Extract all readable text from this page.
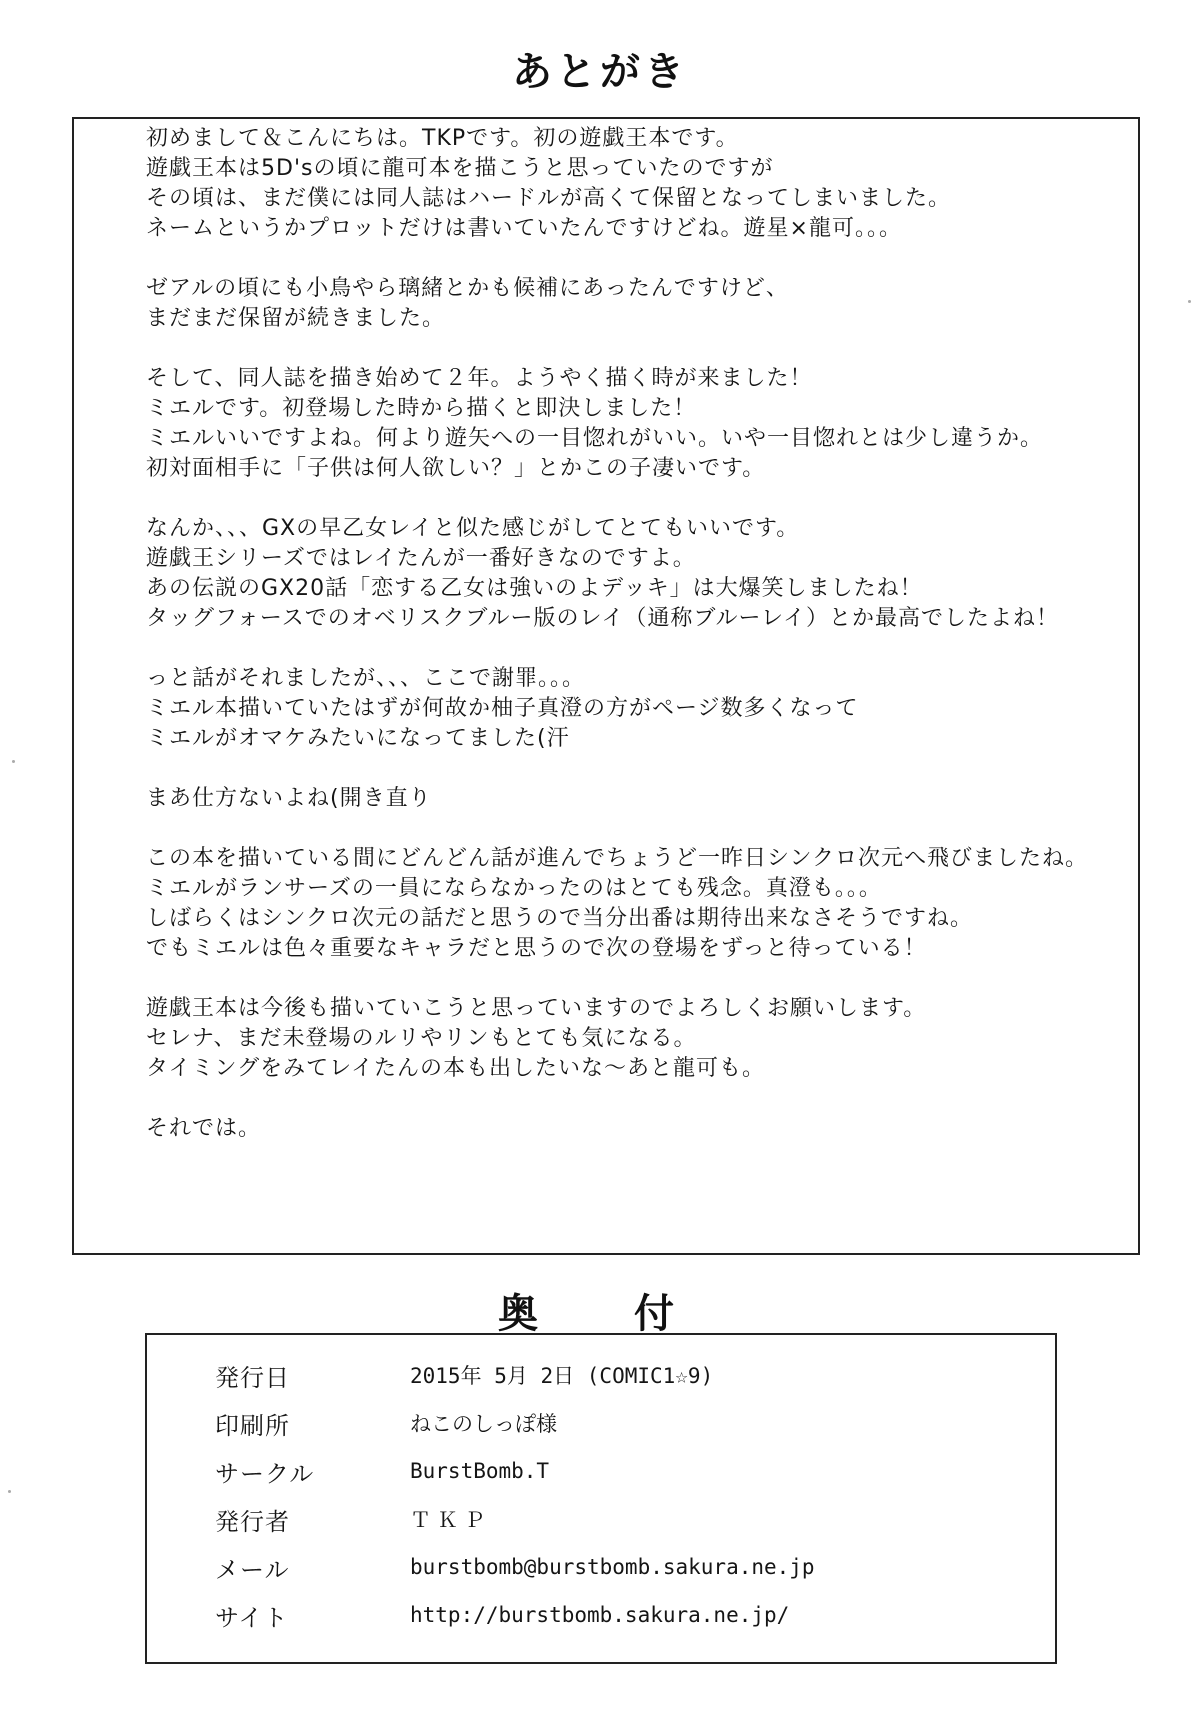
あとがき
初めまして＆こんにちは。TKPです。初の遊戯王本です。
遊戯王本は5D'sの頃に龍可本を描こうと思っていたのですが
その頃は、まだ僕には同人誌はハードルが高くて保留となってしまいました。
ネームというかプロットだけは書いていたんですけどね。遊星×龍可。。。
ゼアルの頃にも小鳥やら璃緒とかも候補にあったんですけど、
まだまだ保留が続きました。
そして、同人誌を描き始めて２年。ようやく描く時が来ました！
ミエルです。初登場した時から描くと即決しました！
ミエルいいですよね。何より遊矢への一目惚れがいい。いや一目惚れとは少し違うか。
初対面相手に「子供は何人欲しい？」とかこの子凄いです。
なんか、、、GXの早乙女レイと似た感じがしてとてもいいです。
遊戯王シリーズではレイたんが一番好きなのですよ。
あの伝説のGX20話「恋する乙女は強いのよデッキ」は大爆笑しましたね！
タッグフォースでのオベリスクブルー版のレイ（通称ブルーレイ）とか最高でしたよね！
っと話がそれましたが、、、ここで謝罪。。。
ミエル本描いていたはずが何故か柚子真澄の方がページ数多くなって
ミエルがオマケみたいになってました(汗
まあ仕方ないよね(開き直り
この本を描いている間にどんどん話が進んでちょうど一昨日シンクロ次元へ飛びましたね。
ミエルがランサーズの一員にならなかったのはとても残念。真澄も。。。
しばらくはシンクロ次元の話だと思うので当分出番は期待出来なさそうですね。
でもミエルは色々重要なキャラだと思うので次の登場をずっと待っている！
遊戯王本は今後も描いていこうと思っていますのでよろしくお願いします。
セレナ、まだ未登場のルリやリンもとても気になる。
タイミングをみてレイたんの本も出したいな～あと龍可も。
それでは。
奥　付
発行日	2015年 5月 2日 (COMIC1☆9)
印刷所	ねこのしっぽ様
サークル	BurstBomb.T
発行者	ＴＫＰ
メール	burstbomb@burstbomb.sakura.ne.jp
サイト	http://burstbomb.sakura.ne.jp/
